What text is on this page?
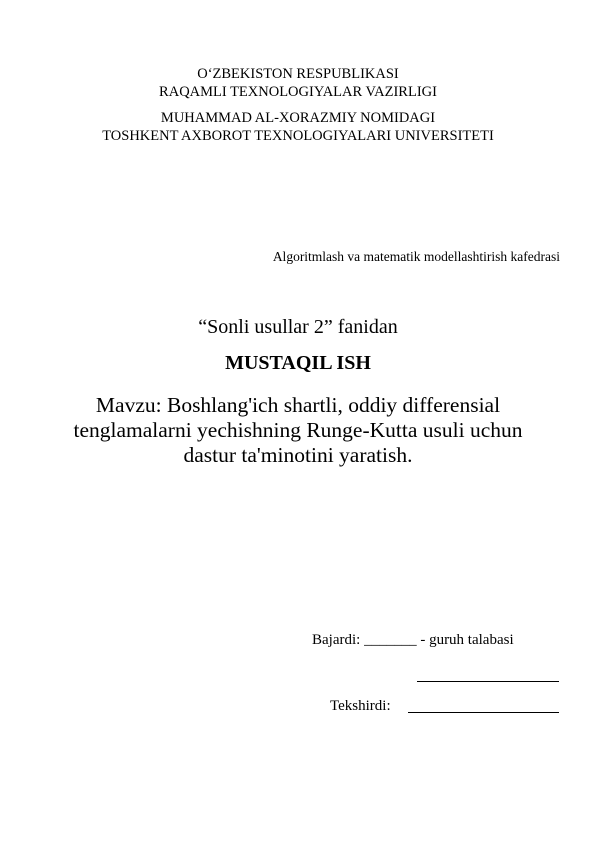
O‘ZBEKISTON RESPUBLIKASI
RAQAMLI TEXNOLOGIYALAR VAZIRLIGI
MUHAMMAD AL-XORAZMIY NOMIDAGI
TOSHKENT AXBOROT TEXNOLOGIYALARI UNIVERSITETI
Algoritmlash va matematik modellashtirish kafedrasi
“Sonli usullar 2” fanidan
MUSTAQIL ISH
Mavzu: Boshlang'ich shartli, oddiy differensial
tenglamalarni yechishning Runge-Kutta usuli uchun
dastur ta'minotini yaratish.
Bajardi: _______ - guruh talabasi
Tekshirdi:
